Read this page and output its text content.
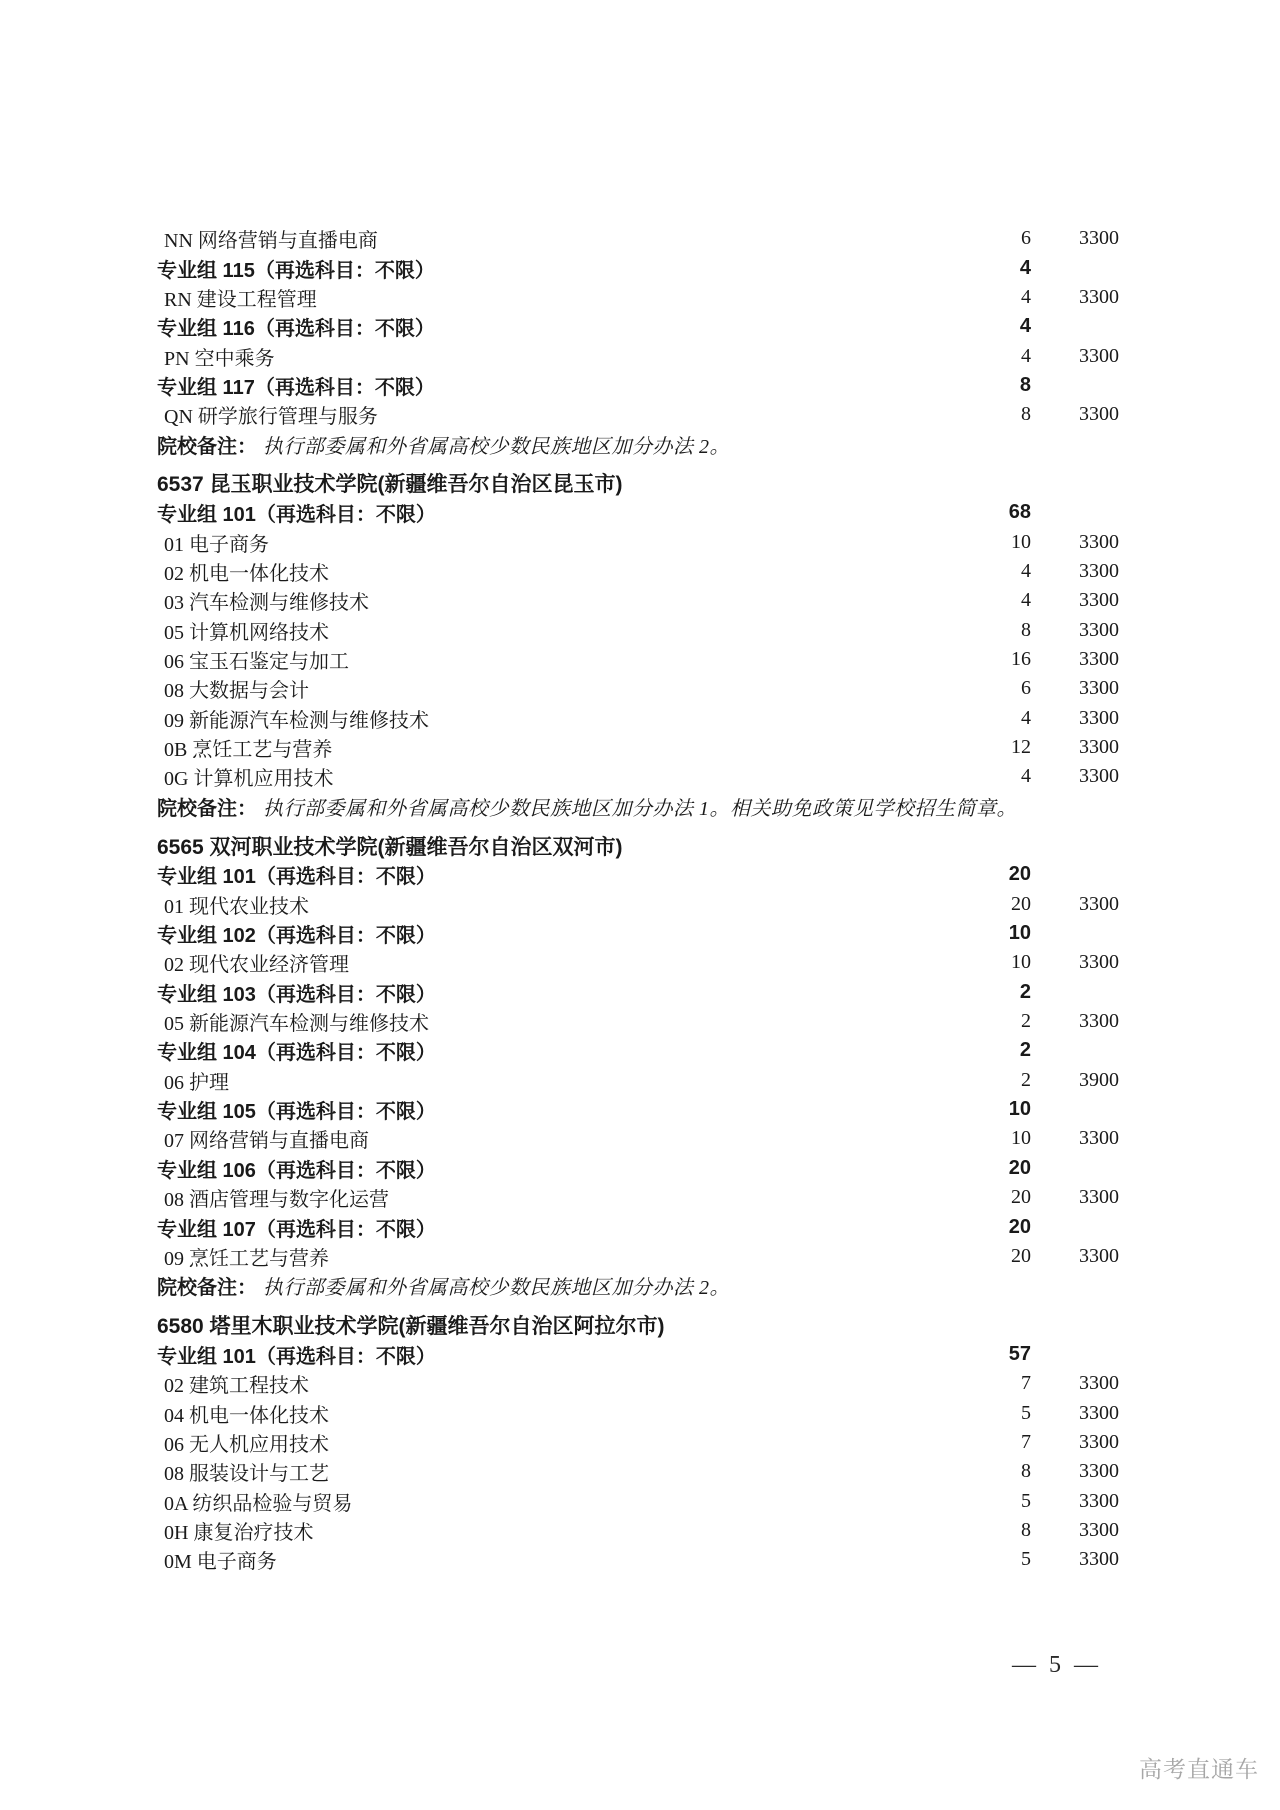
NN 网络营销与直播电商	6	3300
专业组 115（再选科目：不限）	4
RN 建设工程管理	4	3300
专业组 116（再选科目：不限）	4
PN 空中乘务	4	3300
专业组 117（再选科目：不限）	8
QN 研学旅行管理与服务	8	3300
院校备注： 执行部委属和外省属高校少数民族地区加分办法 2。
6537 昆玉职业技术学院(新疆维吾尔自治区昆玉市)
专业组 101（再选科目：不限）	68
01 电子商务	10	3300
02 机电一体化技术	4	3300
03 汽车检测与维修技术	4	3300
05 计算机网络技术	8	3300
06 宝玉石鉴定与加工	16	3300
08 大数据与会计	6	3300
09 新能源汽车检测与维修技术	4	3300
0B 烹饪工艺与营养	12	3300
0G 计算机应用技术	4	3300
院校备注： 执行部委属和外省属高校少数民族地区加分办法 1。相关助免政策见学校招生简章。
6565 双河职业技术学院(新疆维吾尔自治区双河市)
专业组 101（再选科目：不限）	20
01 现代农业技术	20	3300
专业组 102（再选科目：不限）	10
02 现代农业经济管理	10	3300
专业组 103（再选科目：不限）	2
05 新能源汽车检测与维修技术	2	3300
专业组 104（再选科目：不限）	2
06 护理	2	3900
专业组 105（再选科目：不限）	10
07 网络营销与直播电商	10	3300
专业组 106（再选科目：不限）	20
08 酒店管理与数字化运营	20	3300
专业组 107（再选科目：不限）	20
09 烹饪工艺与营养	20	3300
院校备注： 执行部委属和外省属高校少数民族地区加分办法 2。
6580 塔里木职业技术学院(新疆维吾尔自治区阿拉尔市)
专业组 101（再选科目：不限）	57
02 建筑工程技术	7	3300
04 机电一体化技术	5	3300
06 无人机应用技术	7	3300
08 服装设计与工艺	8	3300
0A 纺织品检验与贸易	5	3300
0H 康复治疗技术	8	3300
0M 电子商务	5	3300
— 5 —
高考直通车
